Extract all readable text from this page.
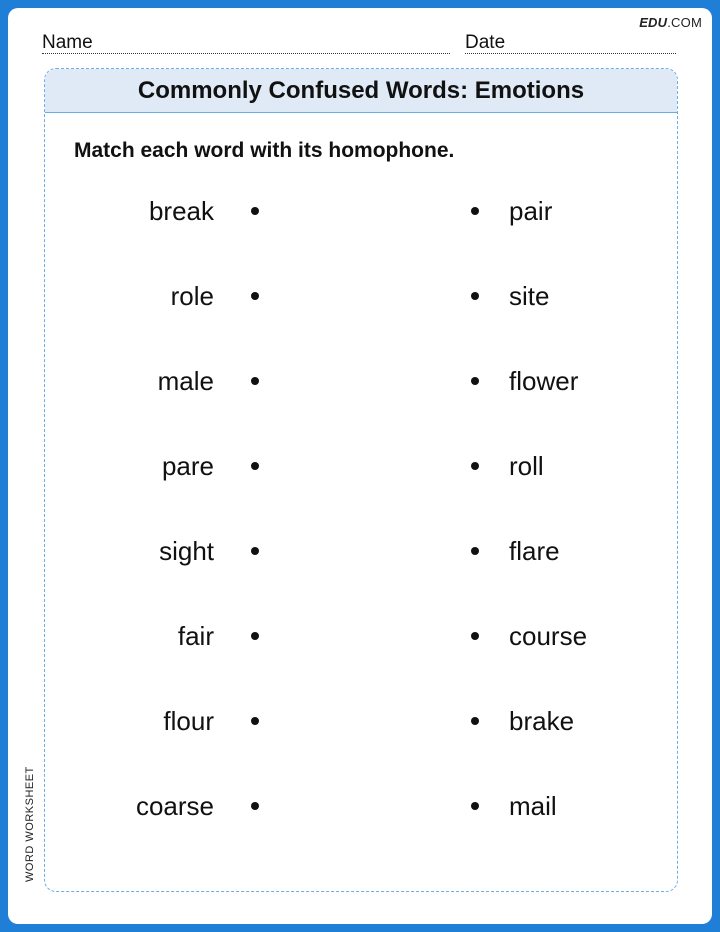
EDU.COM
Name	Date
Commonly Confused Words: Emotions
Match each word with its homophone.
break	pair
role	site
male	flower
pare	roll
sight	flare
fair	course
flour	brake
coarse	mail
WORD WORKSHEET
